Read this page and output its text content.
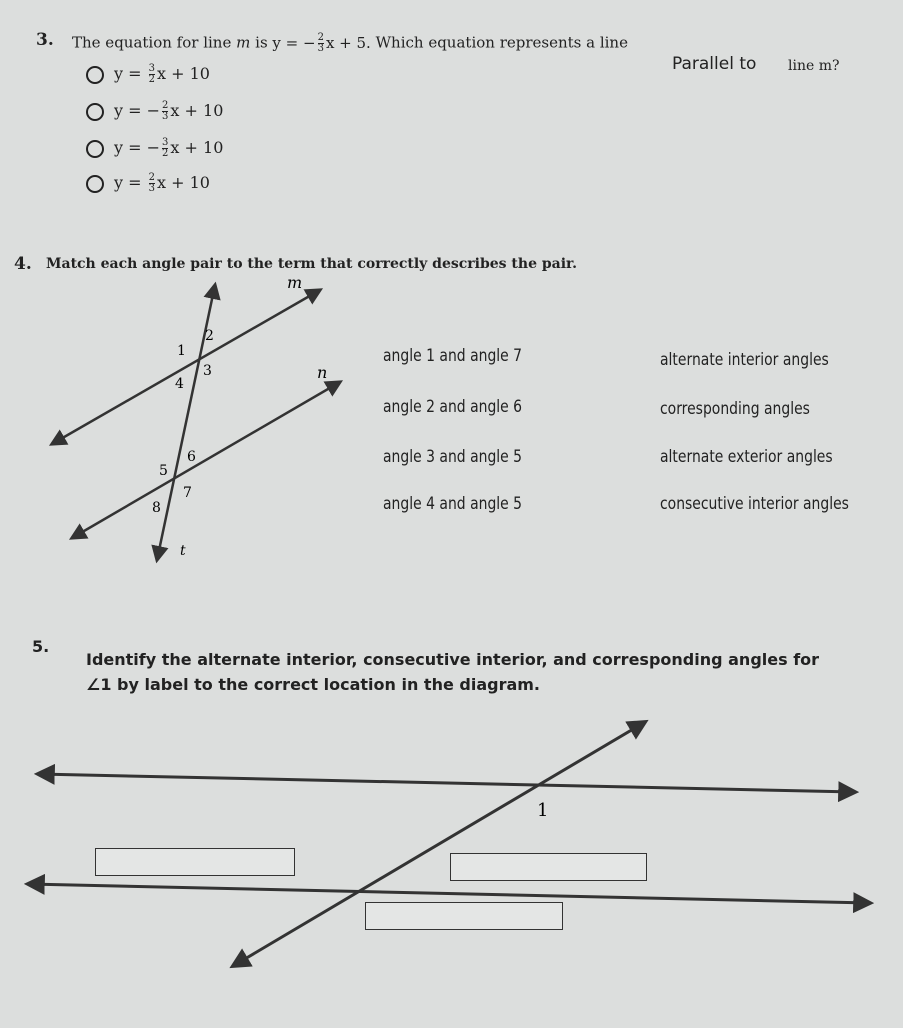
3. The equation for line m is y = − $\frac{2}{3}$ x + 5. Which equation represents a line
Parallel to line m?
$y = \frac{3}{2}$ x + 10
y = − $\frac{2}{3}$ x + 10
y = − $\frac{3}{2}$ x + 10
$y = \frac{2}{3}$ x + 10
4. Match each angle pair to the term that correctly describes the pair.
m
n
t
1
2
3
4
5
6
7
8
1
angle 1 and angle 7
angle 2 and angle 6
angle 3 and angle 5
angle 4 and angle 5
alternate interior angles
corresponding angles
alternate exterior angles
consecutive interior angles
5.
Identify the alternate interior, consecutive interior, and corresponding angles for
∠1 by label to the correct location in the diagram.
